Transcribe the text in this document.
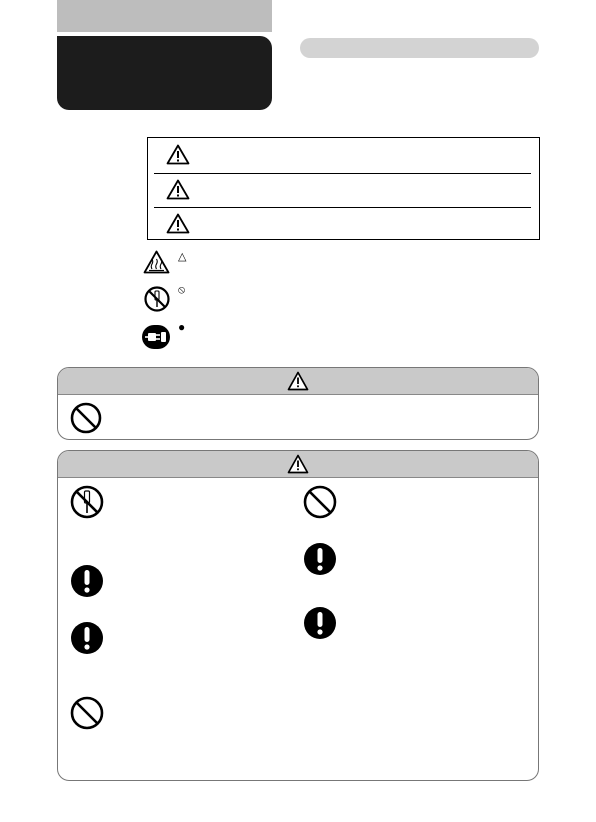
△
⦸
●
